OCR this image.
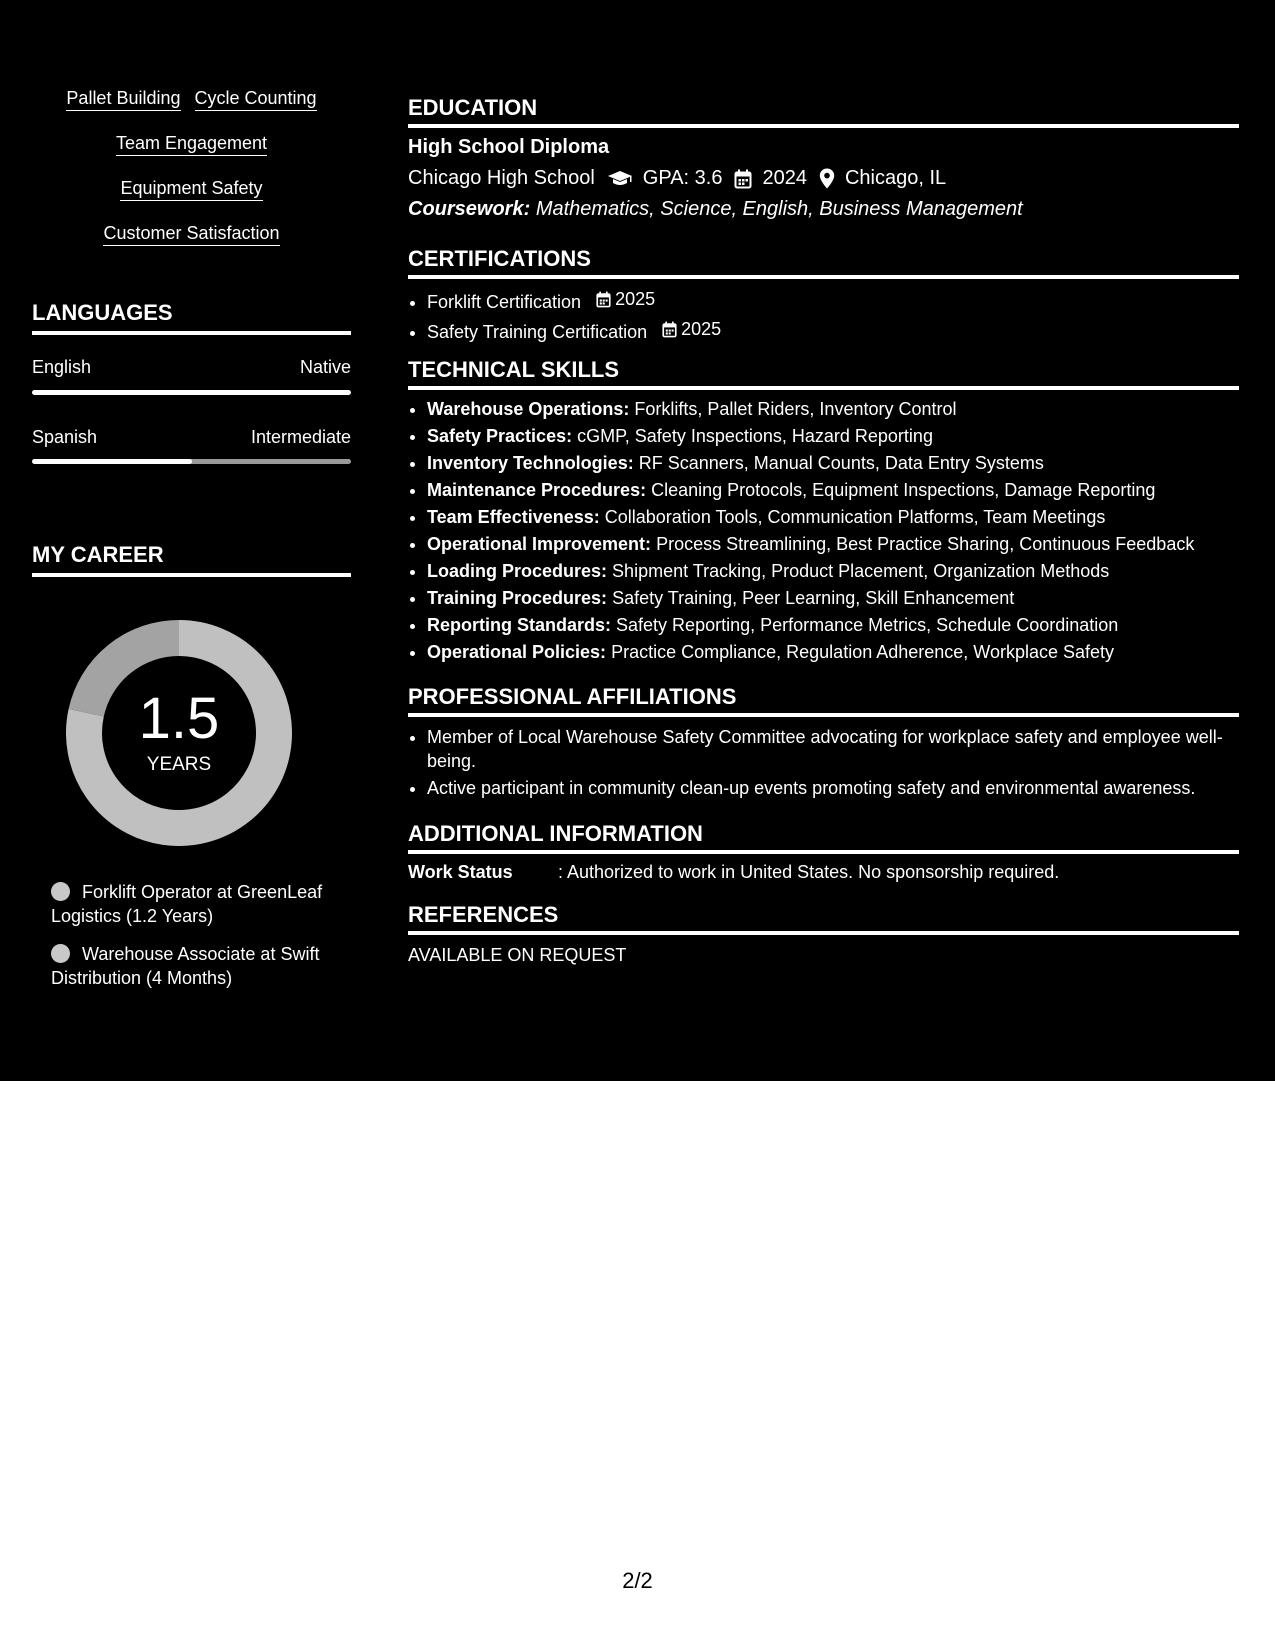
Pallet Building Cycle Counting
Team Engagement
Equipment Safety
Customer Satisfaction
LANGUAGES
English	Native
Spanish	Intermediate
MY CAREER
1.5
YEARS
Forklift Operator at GreenLeaf Logistics (1.2 Years)
Warehouse Associate at Swift Distribution (4 Months)
EDUCATION
High School Diploma
Chicago High School GPA: 3.6 2024 Chicago, IL
Coursework: Mathematics, Science, English, Business Management
CERTIFICATIONS
• Forklift Certification 2025
• Safety Training Certification 2025
TECHNICAL SKILLS
• Warehouse Operations: Forklifts, Pallet Riders, Inventory Control
• Safety Practices: cGMP, Safety Inspections, Hazard Reporting
• Inventory Technologies: RF Scanners, Manual Counts, Data Entry Systems
• Maintenance Procedures: Cleaning Protocols, Equipment Inspections, Damage Reporting
• Team Effectiveness: Collaboration Tools, Communication Platforms, Team Meetings
• Operational Improvement: Process Streamlining, Best Practice Sharing, Continuous Feedback
• Loading Procedures: Shipment Tracking, Product Placement, Organization Methods
• Training Procedures: Safety Training, Peer Learning, Skill Enhancement
• Reporting Standards: Safety Reporting, Performance Metrics, Schedule Coordination
• Operational Policies: Practice Compliance, Regulation Adherence, Workplace Safety
PROFESSIONAL AFFILIATIONS
• Member of Local Warehouse Safety Committee advocating for workplace safety and employee well-being.
• Active participant in community clean-up events promoting safety and environmental awareness.
ADDITIONAL INFORMATION
Work Status	: Authorized to work in United States. No sponsorship required.
REFERENCES
AVAILABLE ON REQUEST
2/2
